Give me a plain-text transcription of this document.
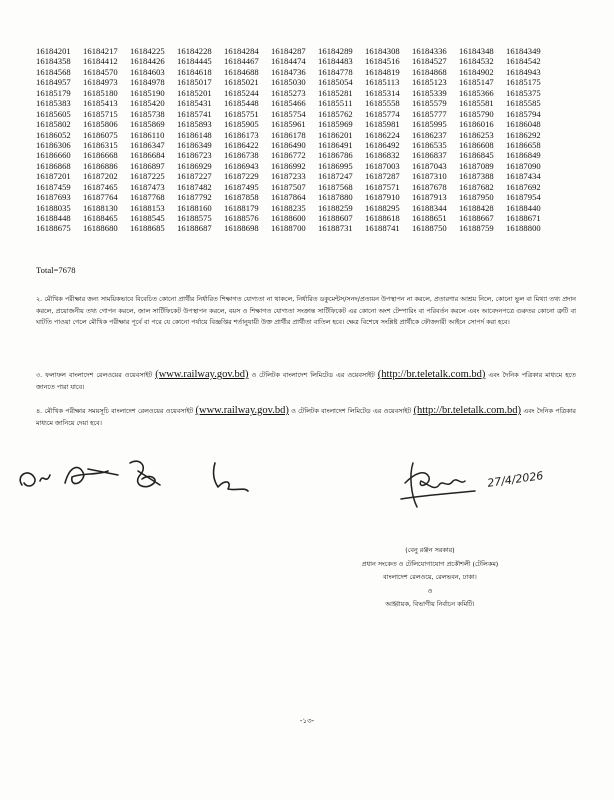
16184201	16184217	16184225	16184228	16184284	16184287	16184289	16184308	16184336	16184348	16184349
16184358	16184412	16184426	16184445	16184467	16184474	16184483	16184516	16184527	16184532	16184542
16184568	16184570	16184603	16184618	16184688	16184736	16184778	16184819	16184868	16184902	16184943
16184957	16184973	16184978	16185017	16185021	16185030	16185054	16185113	16185123	16185147	16185175
16185179	16185180	16185190	16185201	16185244	16185273	16185281	16185314	16185339	16185366	16185375
16185383	16185413	16185420	16185431	16185448	16185466	16185511	16185558	16185579	16185581	16185585
16185605	16185715	16185738	16185741	16185751	16185754	16185762	16185774	16185777	16185790	16185794
16185802	16185806	16185869	16185893	16185905	16185961	16185969	16185981	16185995	16186016	16186048
16186052	16186075	16186110	16186148	16186173	16186178	16186201	16186224	16186237	16186253	16186292
16186306	16186315	16186347	16186349	16186422	16186490	16186491	16186492	16186535	16186608	16186658
16186660	16186668	16186684	16186723	16186738	16186772	16186786	16186832	16186837	16186845	16186849
16186868	16186886	16186897	16186929	16186943	16186992	16186995	16187003	16187043	16187089	16187090
16187201	16187202	16187225	16187227	16187229	16187233	16187247	16187287	16187310	16187388	16187434
16187459	16187465	16187473	16187482	16187495	16187507	16187568	16187571	16187678	16187682	16187692
16187693	16187764	16187768	16187792	16187858	16187864	16187880	16187910	16187913	16187950	16187954
16188035	16188130	16188153	16188160	16188179	16188235	16188259	16188295	16188344	16188428	16188440
16188448	16188465	16188545	16188575	16188576	16188600	16188607	16188618	16188651	16188667	16188671
16188675	16188680	16188685	16188687	16188698	16188700	16188731	16188741	16188750	16188759	16188800
Total=7678
২. মৌখিক পরীক্ষার জন্য সাময়িকভাবে বিবেচিত কোনো প্রার্থীর নির্ধারিত শিক্ষাগত যোগ্যতা না থাকলে, নির্ধারিত ডকুমেন্টস/সনদ/প্রত্যয়ন উপস্থাপন না করলে, প্রতারণার আশ্রয় নিলে, কোনো ভুল বা মিথ্যা তথ্য প্রদান করলে, প্রয়োজনীয় তথ্য গোপন করলে, জাল সার্টিফিকেট উপস্থাপন করলে, বয়স ও শিক্ষাগত যোগ্যতা সংক্রান্ত সার্টিফিকেট এর কোনো অংশ টেম্পারিং বা পরিবর্তন করলে এবং আবেদনপত্রে গুরুতর কোনো ত্রুটি বা ঘাটতি পাওয়া গেলে মৌখিক পরীক্ষার পূর্বে বা পরে যে কোনো পর্যায়ে বিজ্ঞপ্তির শর্তানুযায়ী উক্ত প্রার্থীর প্রার্থীতা বাতিল হবে। ক্ষেত্র বিশেষে সংশ্লিষ্ট প্রার্থীকে ফৌজদারী আইনে সোপর্দ করা হবে।
৩. ফলাফল বাংলাদেশ রেলওয়ের ওয়েবসাইট (www.railway.gov.bd) ও টেলিটক বাংলাদেশ লিমিটেড এর ওয়েবসাইট (http://br.teletalk.com.bd) এবং দৈনিক পত্রিকার মাধ্যমে হতে জানতে পারা যাবে।
৪. মৌখিক পরীক্ষার সময়সূচি বাংলাদেশ রেলওয়ের ওয়েবসাইট (www.railway.gov.bd) ও টেলিটক বাংলাদেশ লিমিটেড এর ওয়েবসাইট (http://br.teletalk.com.bd) এবং দৈনিক পত্রিকার মাধ্যমে জানিয়ে দেয়া হবে।
27/4/2026
(বেনু রঞ্জন সরকার)
প্রধান সংকেত ও টেলিযোগাযোগ প্রকৌশলী (টেলিকম)
বাংলাদেশ রেলওয়ে, রেলভবন, ঢাকা।
ও
আহ্বায়ক, বিভাগীয় নির্বাচন কমিটি।
-১৩-
